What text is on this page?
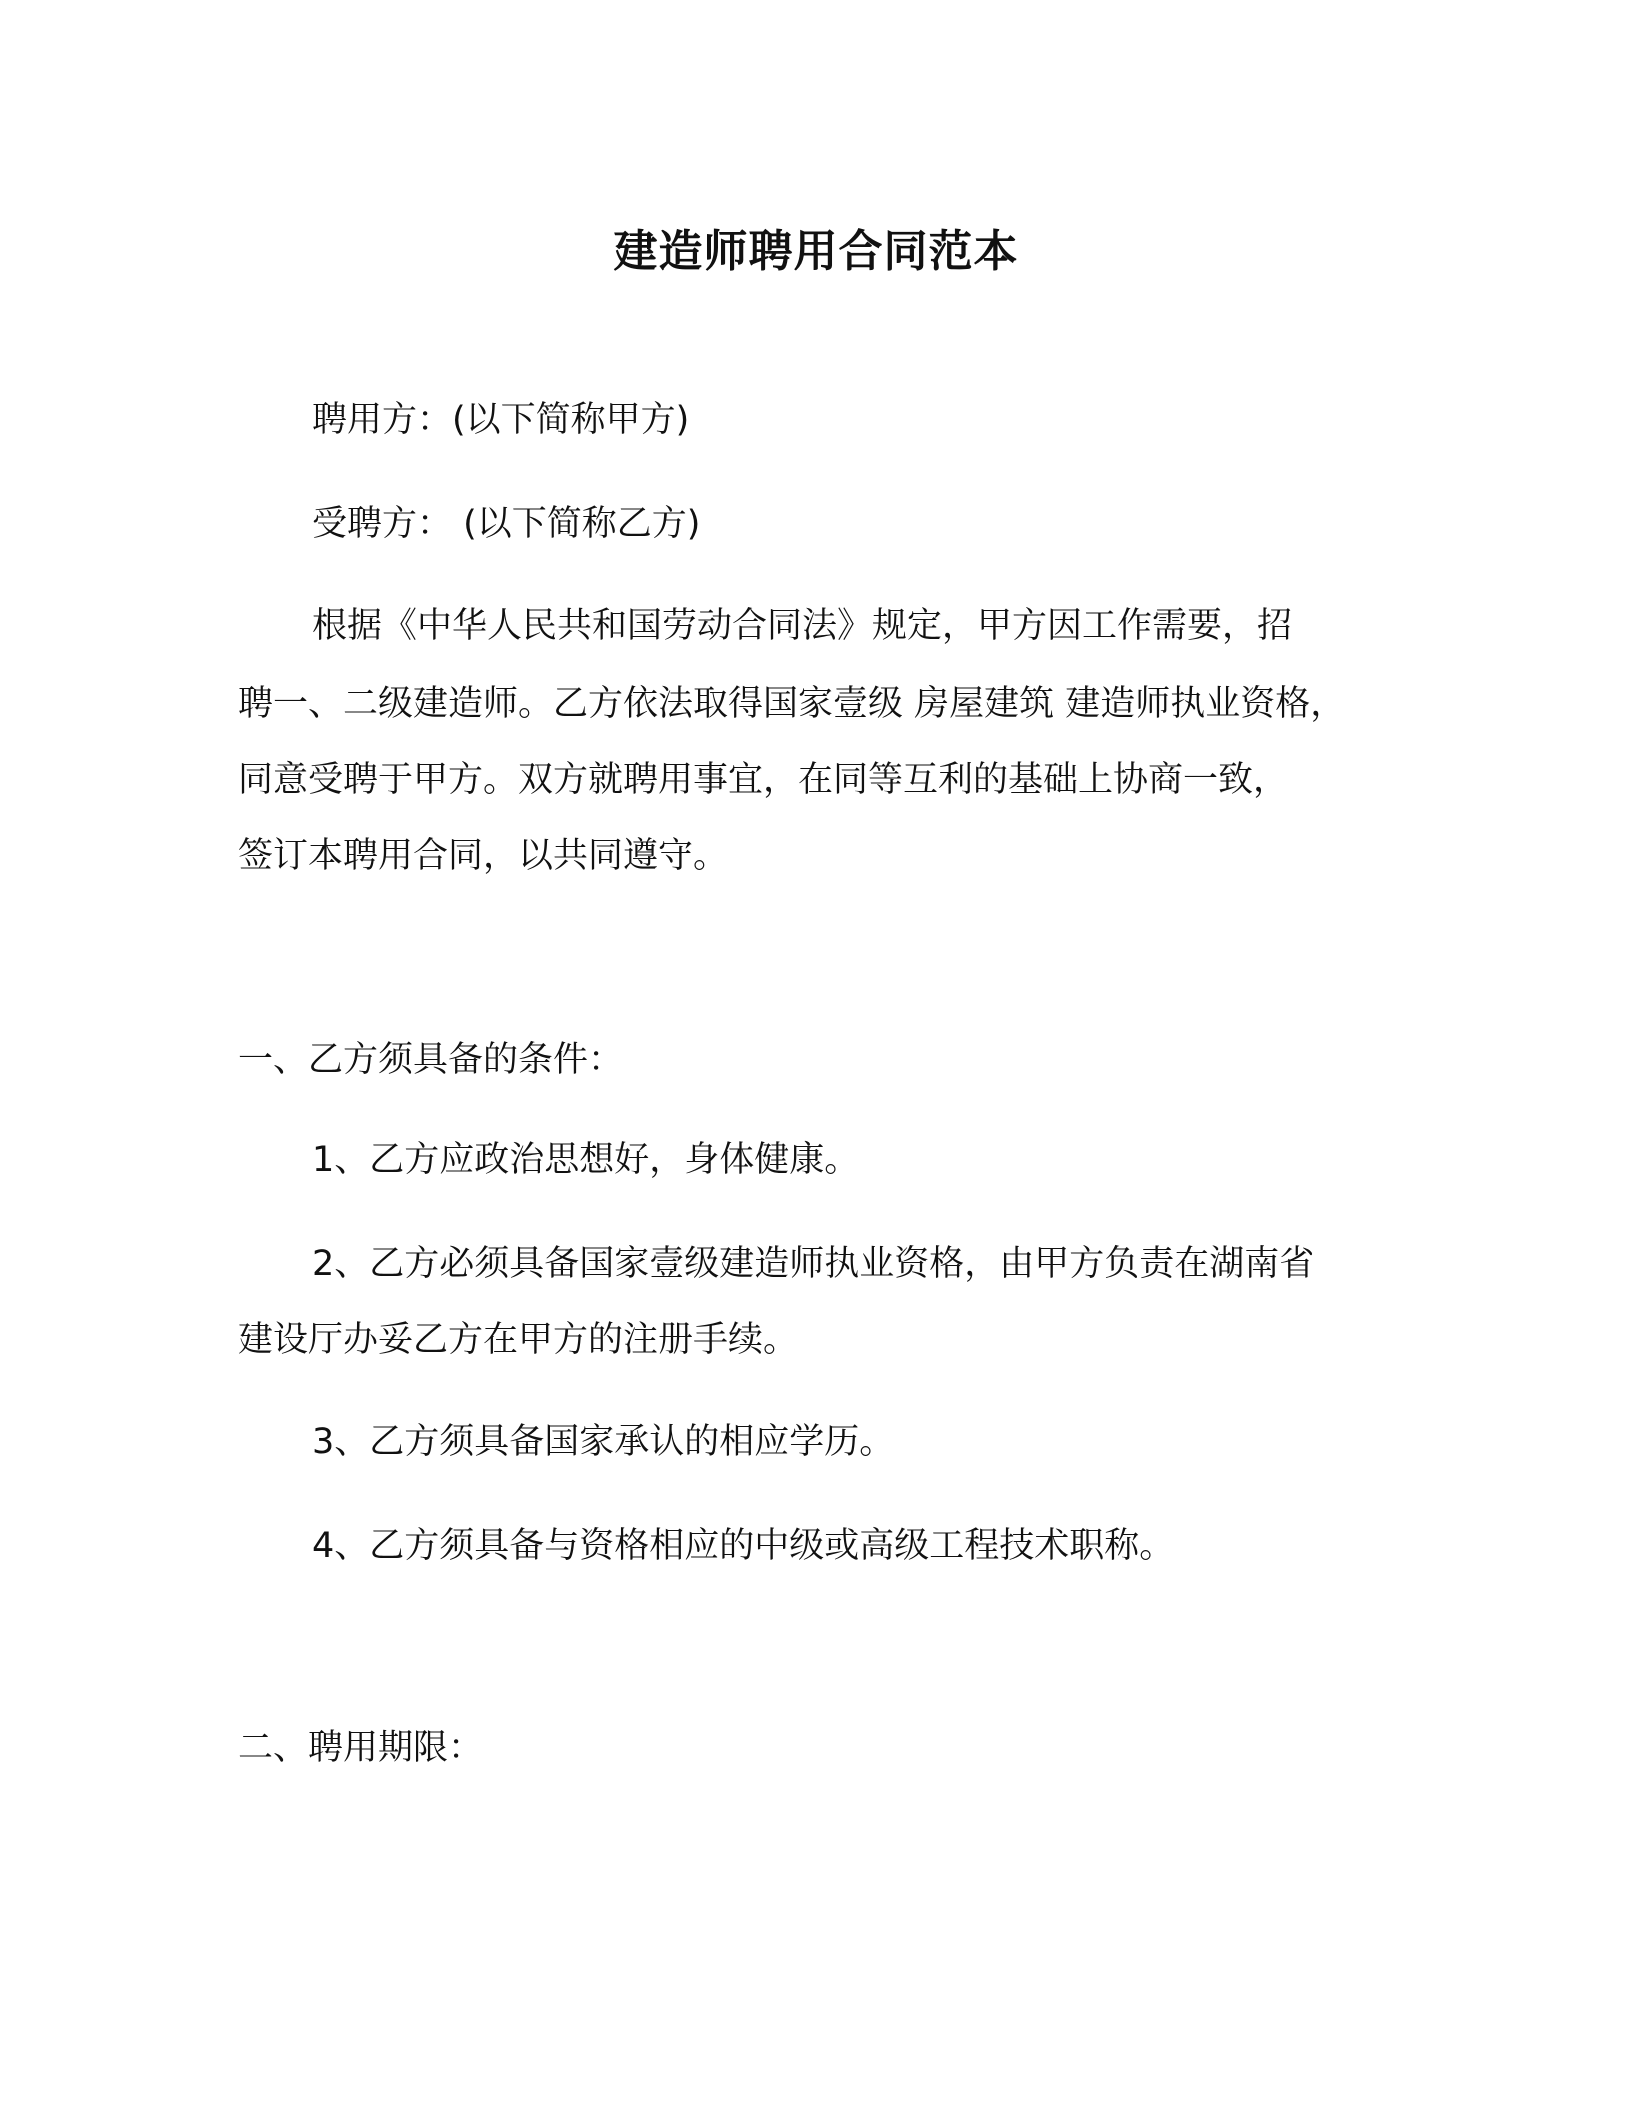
建造师聘用合同范本
聘用方：(以下简称甲方)
受聘方： (以下简称乙方)
根据《中华人民共和国劳动合同法》规定，甲方因工作需要，招
聘一、二级建造师。乙方依法取得国家壹级 房屋建筑 建造师执业资格，
同意受聘于甲方。双方就聘用事宜，在同等互利的基础上协商一致，
签订本聘用合同，以共同遵守。
一、乙方须具备的条件：
1、乙方应政治思想好，身体健康。
2、乙方必须具备国家壹级建造师执业资格，由甲方负责在湖南省
建设厅办妥乙方在甲方的注册手续。
3、乙方须具备国家承认的相应学历。
4、乙方须具备与资格相应的中级或高级工程技术职称。
二、聘用期限：
